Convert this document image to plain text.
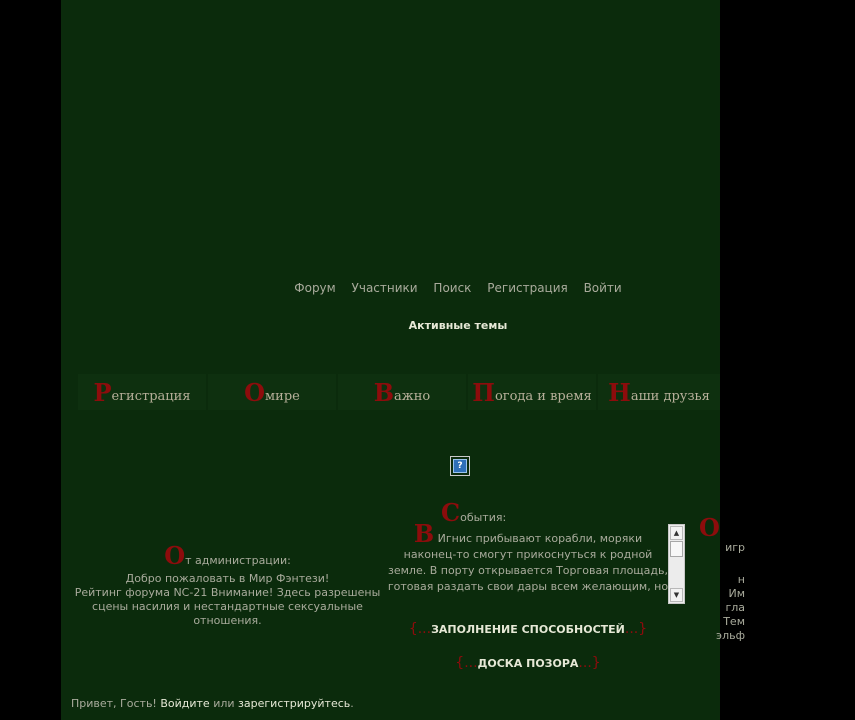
Форум Участники Поиск Регистрация Войти
Активные темы
Р егистрация О мире	В ажно П огода и время Н аши друзья
?
События:
В Игнис прибывают корабли, моряки
наконец-то смогут прикоснуться к родной
земле. В порту открывается Торговая площадь,
готовая раздать свои дары всем желающим, но
▲
▼
О
игр

н
Им
гла
Тем
эльф
От администрации:
Добро пожаловать в Мир Фэнтези!
Рейтинг форума NC-21 Внимание! Здесь разрешены
сцены насилия и нестандартные сексуальные
отношения.
{...ЗАПОЛНЕНИЕ СПОСОБНОСТЕЙ...}
{...ДОСКА ПОЗОРА...}
Привет, Гость! Войдите или зарегистрируйтесь.
